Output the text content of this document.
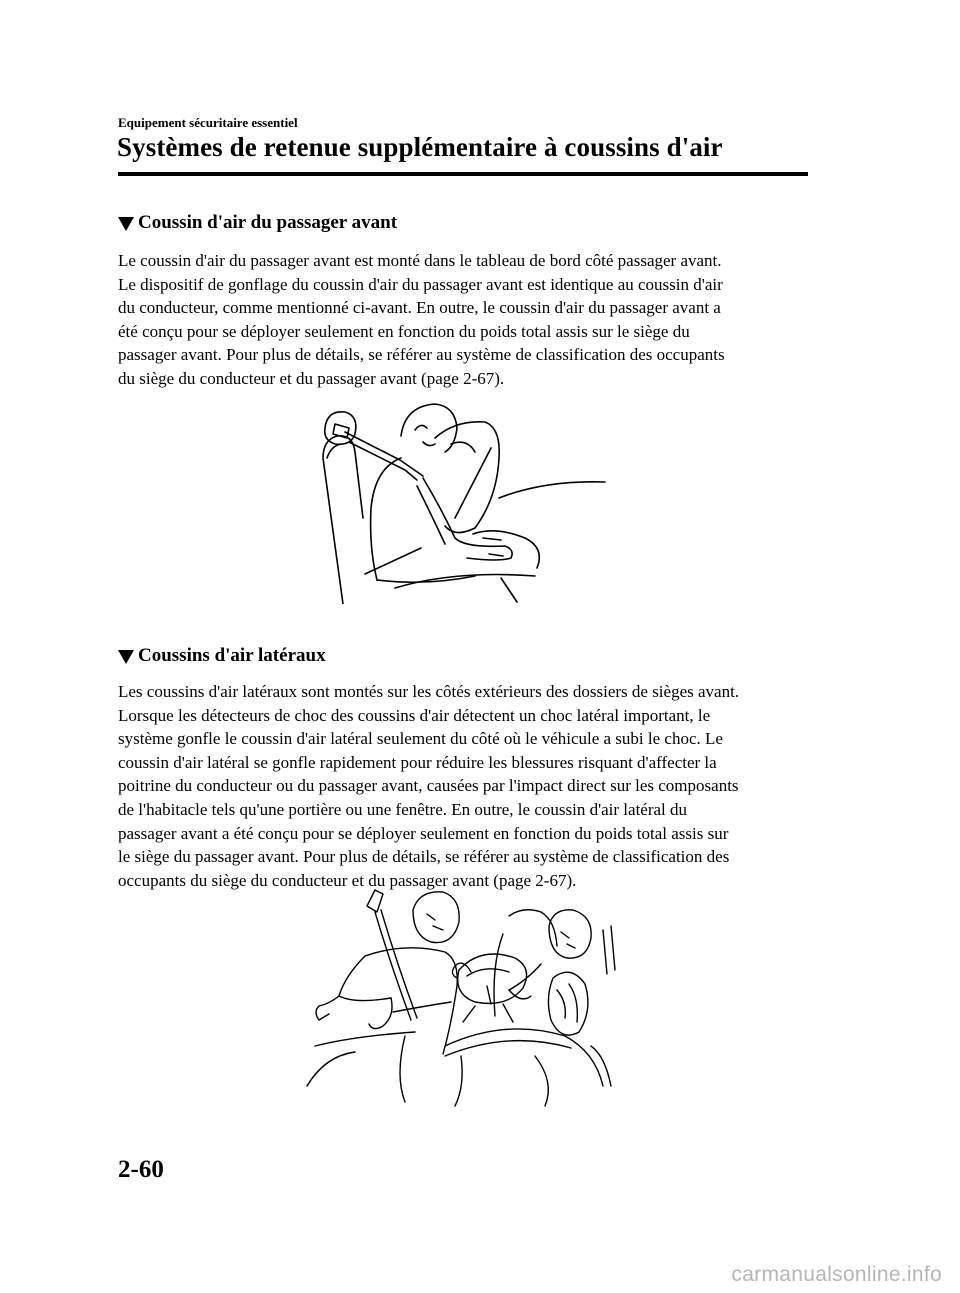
Equipement sécuritaire essentiel
Systèmes de retenue supplémentaire à coussins d'air
Coussin d'air du passager avant

Le coussin d'air du passager avant est monté dans le tableau de bord côté passager avant.
Le dispositif de gonflage du coussin d'air du passager avant est identique au coussin d'air
du conducteur, comme mentionné ci-avant. En outre, le coussin d'air du passager avant a
été conçu pour se déployer seulement en fonction du poids total assis sur le siège du
passager avant. Pour plus de détails, se référer au système de classification des occupants
du siège du conducteur et du passager avant (page 2-67).

Coussins d'air latéraux

Les coussins d'air latéraux sont montés sur les côtés extérieurs des dossiers de sièges avant.
Lorsque les détecteurs de choc des coussins d'air détectent un choc latéral important, le
système gonfle le coussin d'air latéral seulement du côté où le véhicule a subi le choc. Le
coussin d'air latéral se gonfle rapidement pour réduire les blessures risquant d'affecter la
poitrine du conducteur ou du passager avant, causées par l'impact direct sur les composants
de l'habitacle tels qu'une portière ou une fenêtre. En outre, le coussin d'air latéral du
passager avant a été conçu pour se déployer seulement en fonction du poids total assis sur
le siège du passager avant. Pour plus de détails, se référer au système de classification des
occupants du siège du conducteur et du passager avant (page 2-67).

2-60
carmanualsonline.info
